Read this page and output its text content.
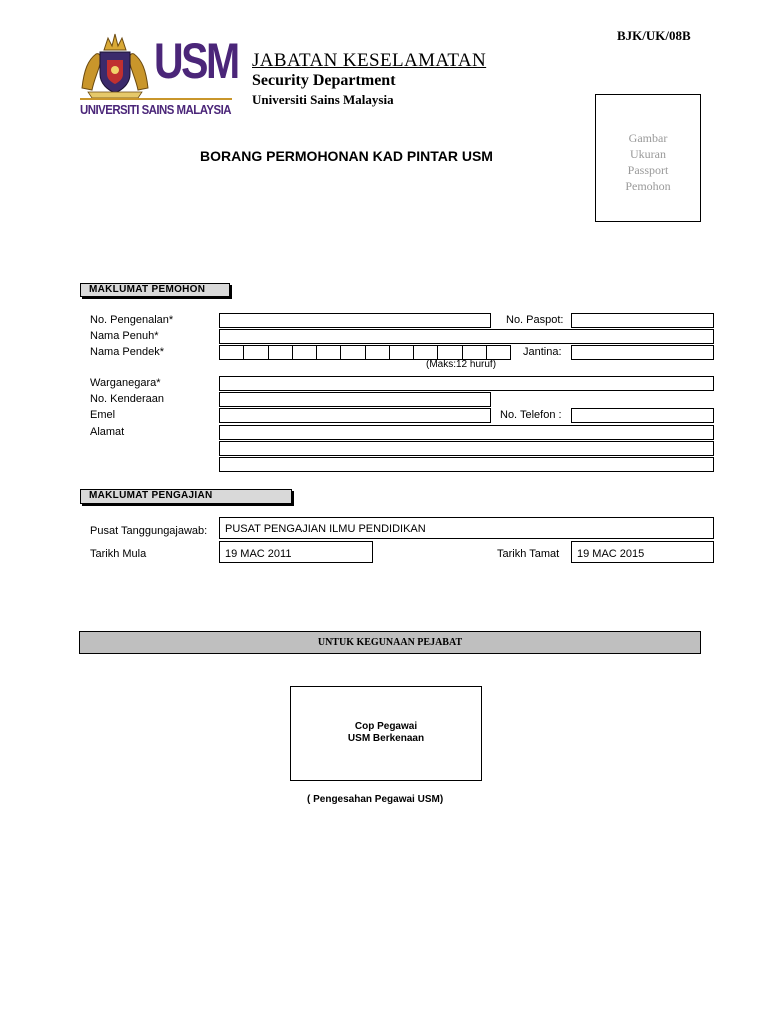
BJK/UK/08B
USM
UNIVERSITI SAINS MALAYSIA
JABATAN KESELAMATAN
Security Department
Universiti Sains Malaysia
Gambar
Ukuran
Passport
Pemohon
BORANG PERMOHONAN KAD PINTAR USM
MAKLUMAT PEMOHON
No. Pengenalan*	No. Paspot:
Nama Penuh*
Nama Pendek*	Jantina:
(Maks:12 huruf)
Warganegara*
No. Kenderaan
Emel	No. Telefon :
Alamat
MAKLUMAT PENGAJIAN
Pusat Tanggungajawab:	PUSAT PENGAJIAN ILMU PENDIDIKAN
Tarikh Mula	19 MAC 2011	Tarikh Tamat	19 MAC 2015
UNTUK KEGUNAAN PEJABAT
Cop Pegawai
USM Berkenaan
( Pengesahan Pegawai USM)
